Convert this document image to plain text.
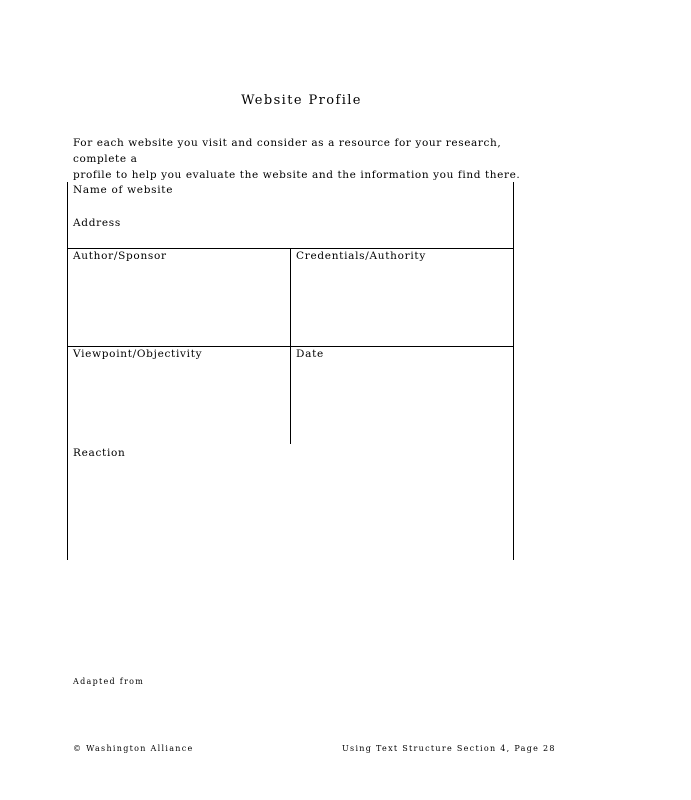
Website Profile
For each website you visit and consider as a resource for your research, complete a
profile to help you evaluate the website and the information you find there.
Name of website
Address
Author/Sponsor	Credentials/Authority
Viewpoint/Objectivity	Date
Reaction
Adapted from
© Washington Alliance	Using Text Structure Section 4, Page 28
